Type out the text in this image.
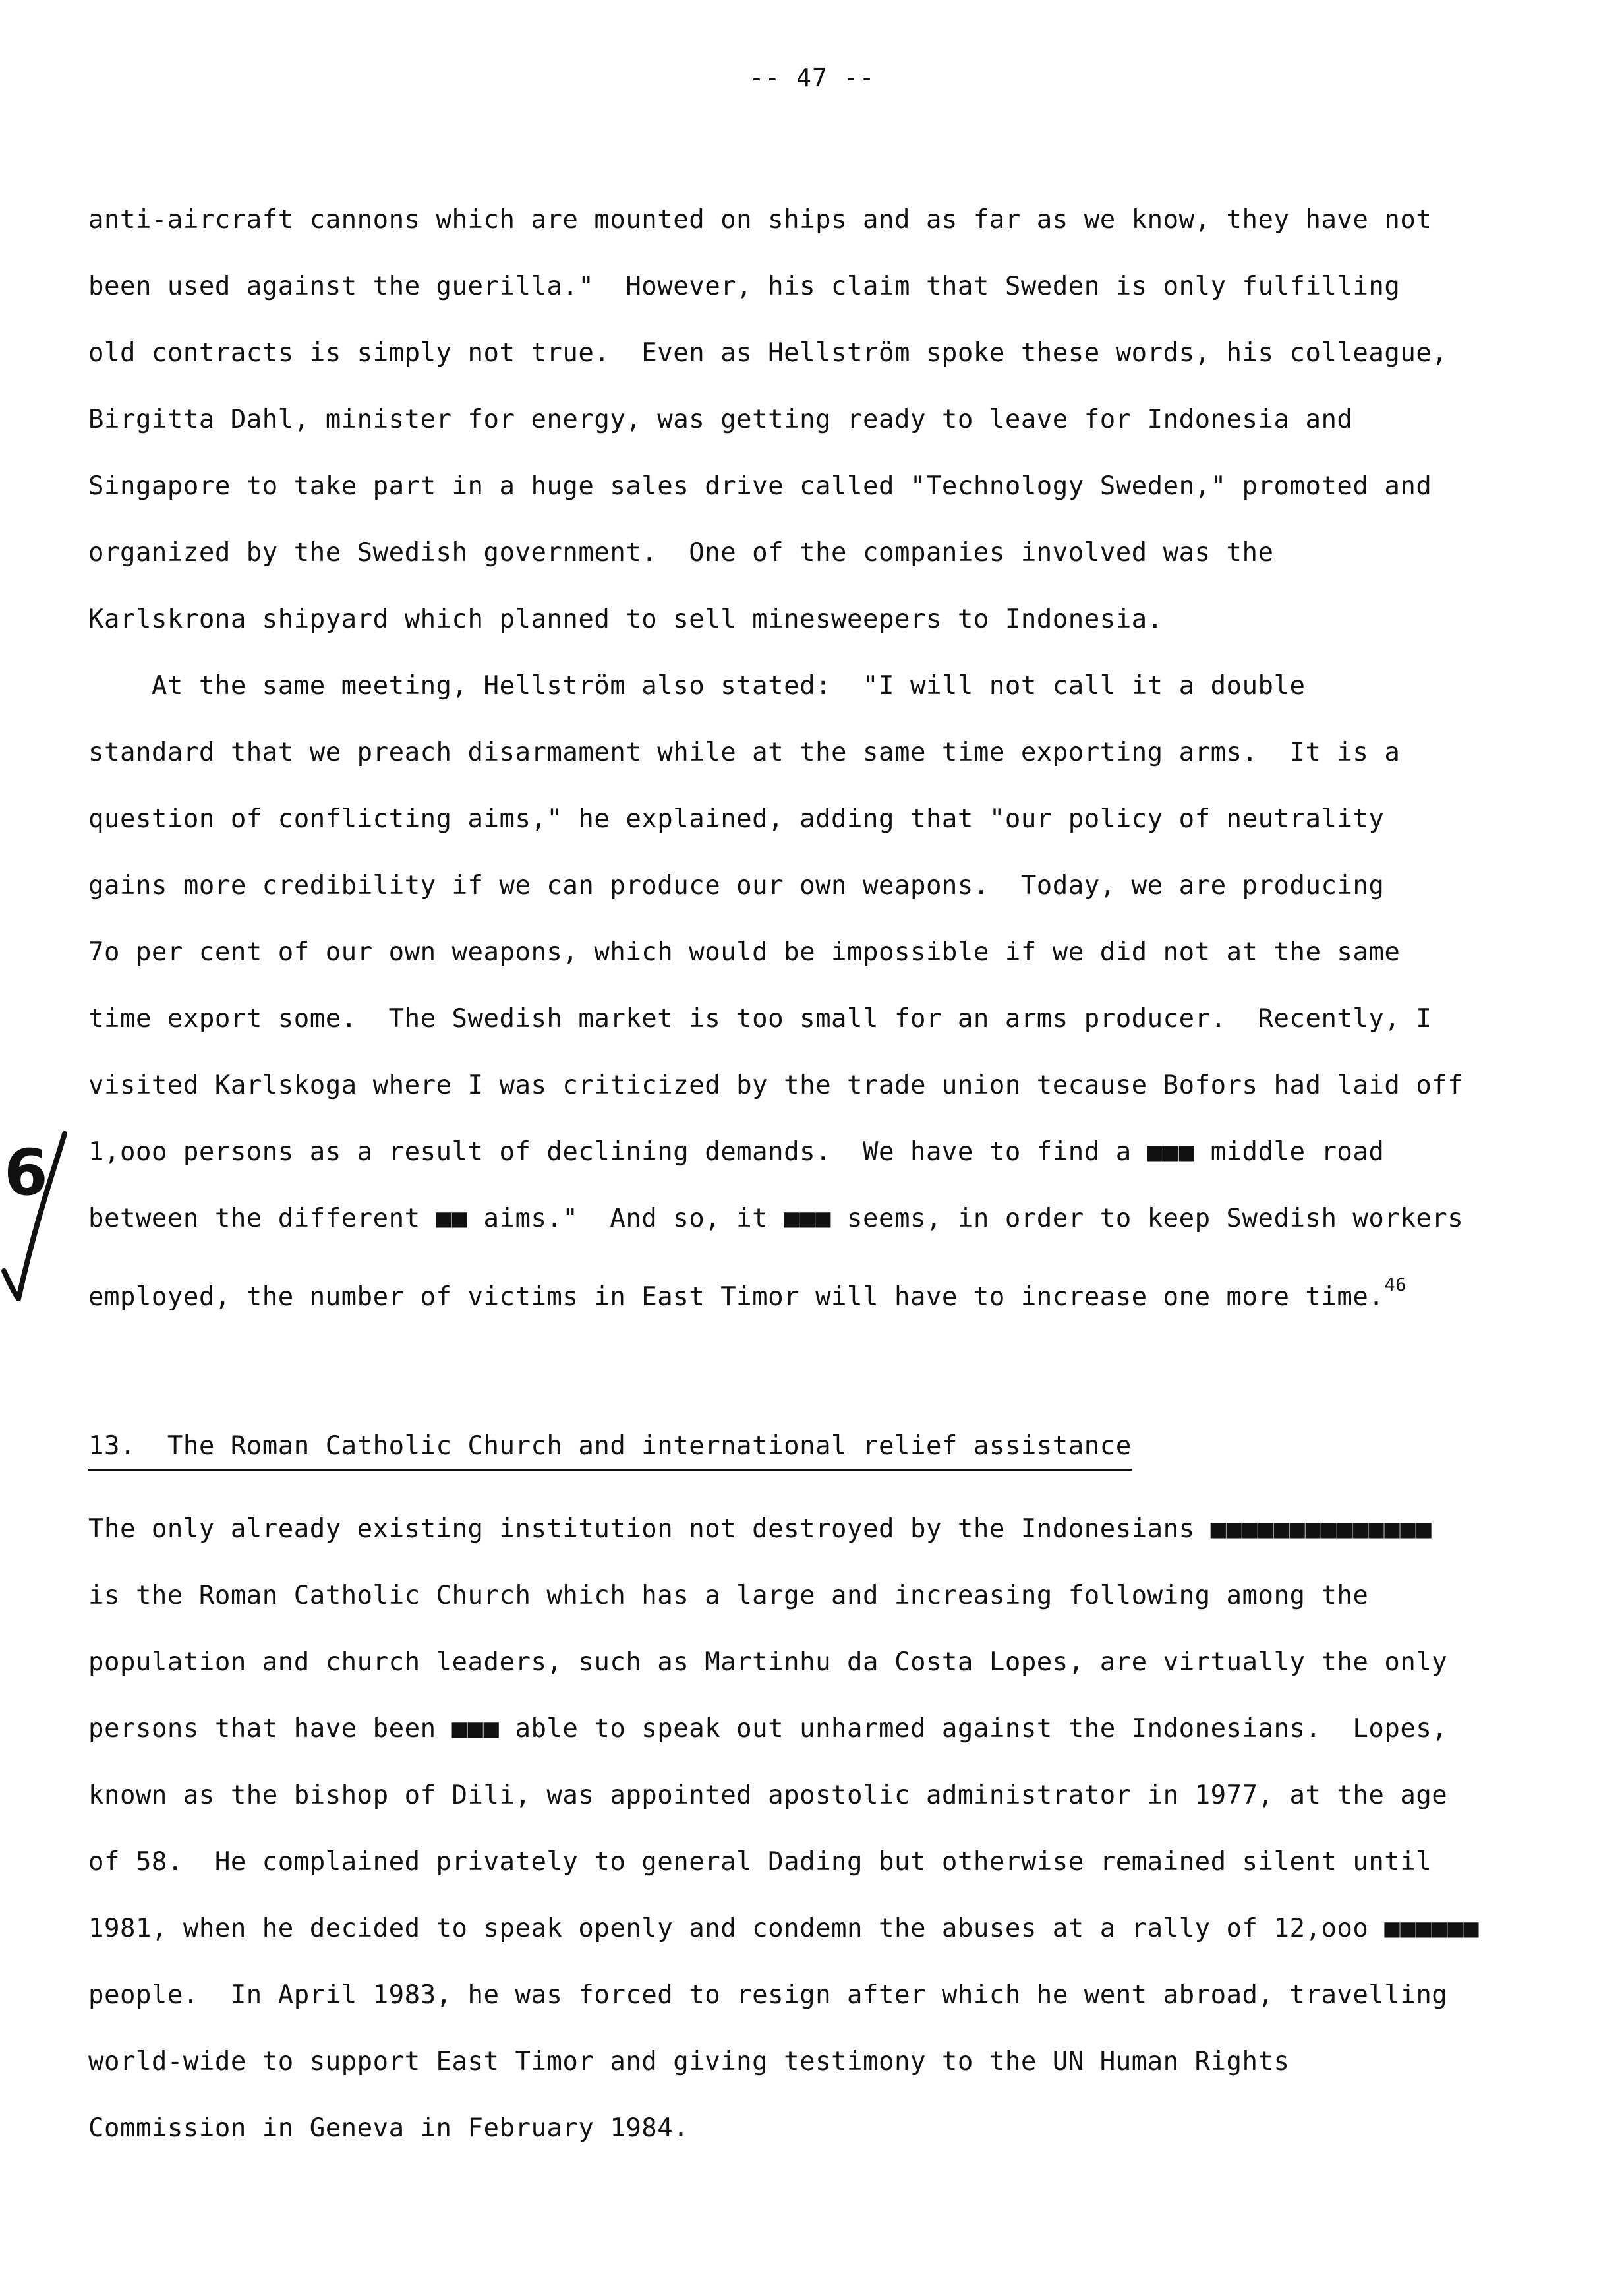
-- 47 --
anti-aircraft cannons which are mounted on ships and as far as we know, they have not
been used against the guerilla."  However, his claim that Sweden is only fulfilling
old contracts is simply not true.  Even as Hellström spoke these words, his colleague,
Birgitta Dahl, minister for energy, was getting ready to leave for Indonesia and
Singapore to take part in a huge sales drive called "Technology Sweden," promoted and
organized by the Swedish government.  One of the companies involved was the
Karlskrona shipyard which planned to sell minesweepers to Indonesia.
At the same meeting, Hellström also stated:  "I will not call it a double
standard that we preach disarmament while at the same time exporting arms.  It is a
question of conflicting aims," he explained, adding that "our policy of neutrality
gains more credibility if we can produce our own weapons.  Today, we are producing
7o per cent of our own weapons, which would be impossible if we did not at the same
time export some.  The Swedish market is too small for an arms producer.  Recently, I
visited Karlskoga where I was criticized by the trade union tecause Bofors had laid off
1,ooo persons as a result of declining demands.  We have to find a ■■■ middle road
between the different ■■ aims."  And so, it ■■■ seems, in order to keep Swedish workers
employed, the number of victims in East Timor will have to increase one more time.$^{46}$
6
13.  The Roman Catholic Church and international relief assistance
The only already existing institution not destroyed by the Indonesians ■■■■■■■■■■■■■■
is the Roman Catholic Church which has a large and increasing following among the
population and church leaders, such as Martinhu da Costa Lopes, are virtually the only
persons that have been ■■■ able to speak out unharmed against the Indonesians.  Lopes,
known as the bishop of Dili, was appointed apostolic administrator in 1977, at the age
of 58.  He complained privately to general Dading but otherwise remained silent until
1981, when he decided to speak openly and condemn the abuses at a rally of 12,ooo ■■■■■■
people.  In April 1983, he was forced to resign after which he went abroad, travelling
world-wide to support East Timor and giving testimony to the UN Human Rights
Commission in Geneva in February 1984.
